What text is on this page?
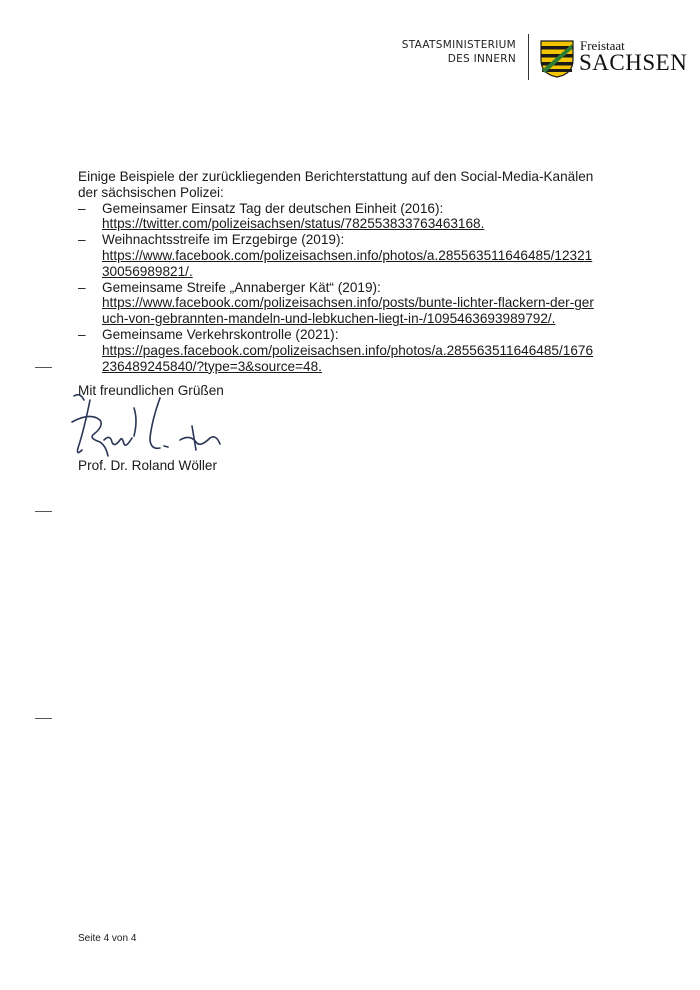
STAATSMINISTERIUM
DES INNERN
Freistaat
SACHSEN

Einige Beispiele der zurückliegenden Berichterstattung auf den Social-Media-Kanälen der sächsischen Polizei:

– Gemeinsamer Einsatz Tag der deutschen Einheit (2016):
https://twitter.com/polizeisachsen/status/782553833763463168.
– Weihnachtsstreife im Erzgebirge (2019):
https://www.facebook.com/polizeisachsen.info/photos/a.285563511646485/1232130056989821/.
– Gemeinsame Streife „Annaberger Kät“ (2019):
https://www.facebook.com/polizeisachsen.info/posts/bunte-lichter-flackern-der-geruch-von-gebrannten-mandeln-und-lebkuchen-liegt-in-/1095463693989792/.
– Gemeinsame Verkehrskontrolle (2021):
https://pages.facebook.com/polizeisachsen.info/photos/a.285563511646485/1676236489245840/?type=3&source=48.
Mit freundlichen Grüßen
Prof. Dr. Roland Wöller
Seite 4 von 4
